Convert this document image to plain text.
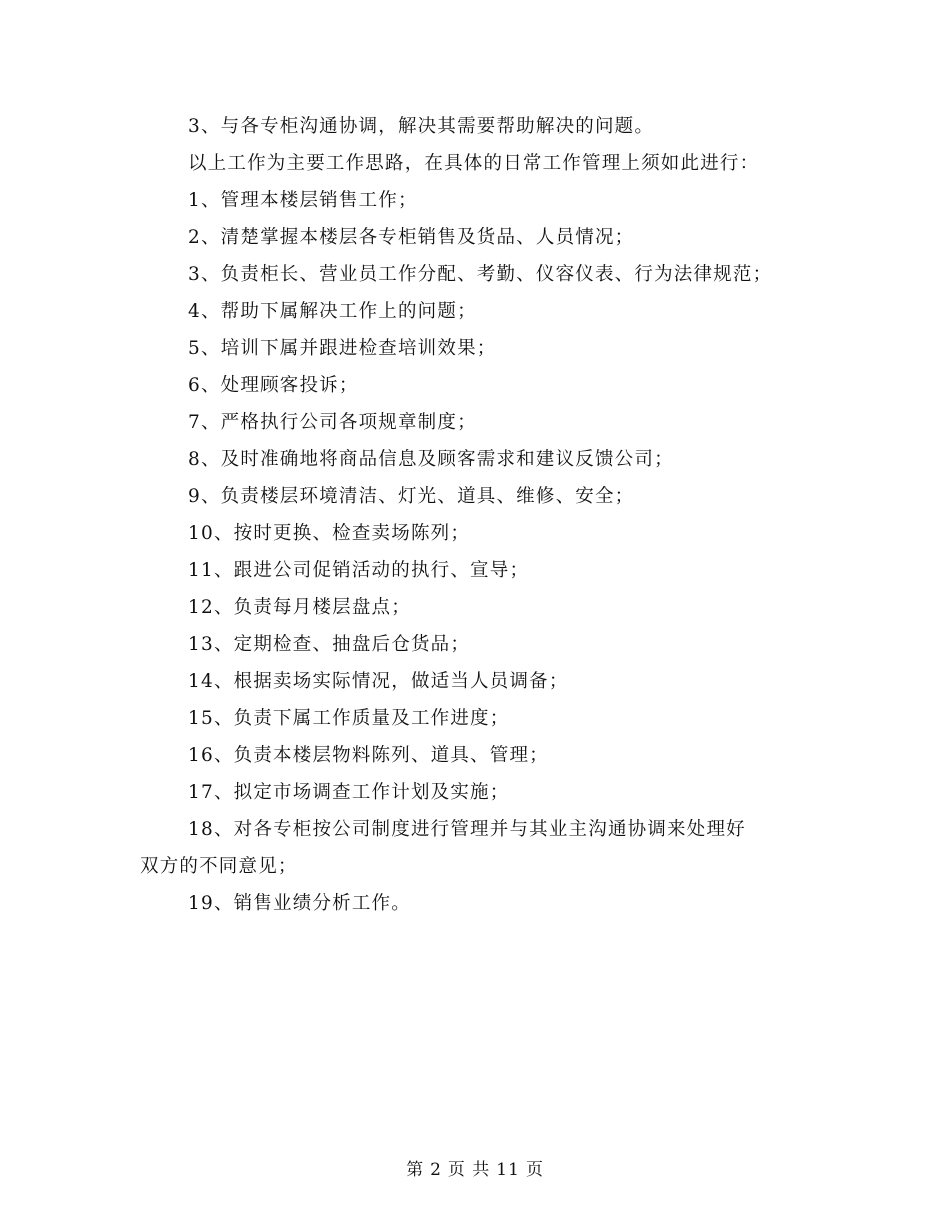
3、与各专柜沟通协调，解决其需要帮助解决的问题。

以上工作为主要工作思路，在具体的日常工作管理上须如此进行：

1、管理本楼层销售工作；

2、清楚掌握本楼层各专柜销售及货品、人员情况；

3、负责柜长、营业员工作分配、考勤、仪容仪表、行为法律规范；

4、帮助下属解决工作上的问题；

5、培训下属并跟进检查培训效果；

6、处理顾客投诉；

7、严格执行公司各项规章制度；

8、及时准确地将商品信息及顾客需求和建议反馈公司；

9、负责楼层环境清洁、灯光、道具、维修、安全；

10、按时更换、检查卖场陈列；

11、跟进公司促销活动的执行、宣导；

12、负责每月楼层盘点；

13、定期检查、抽盘后仓货品；

14、根据卖场实际情况，做适当人员调备；

15、负责下属工作质量及工作进度；

16、负责本楼层物料陈列、道具、管理；

17、拟定市场调查工作计划及实施；

18、对各专柜按公司制度进行管理并与其业主沟通协调来处理好

双方的不同意见；

19、销售业绩分析工作。

第 2 页 共 11 页
